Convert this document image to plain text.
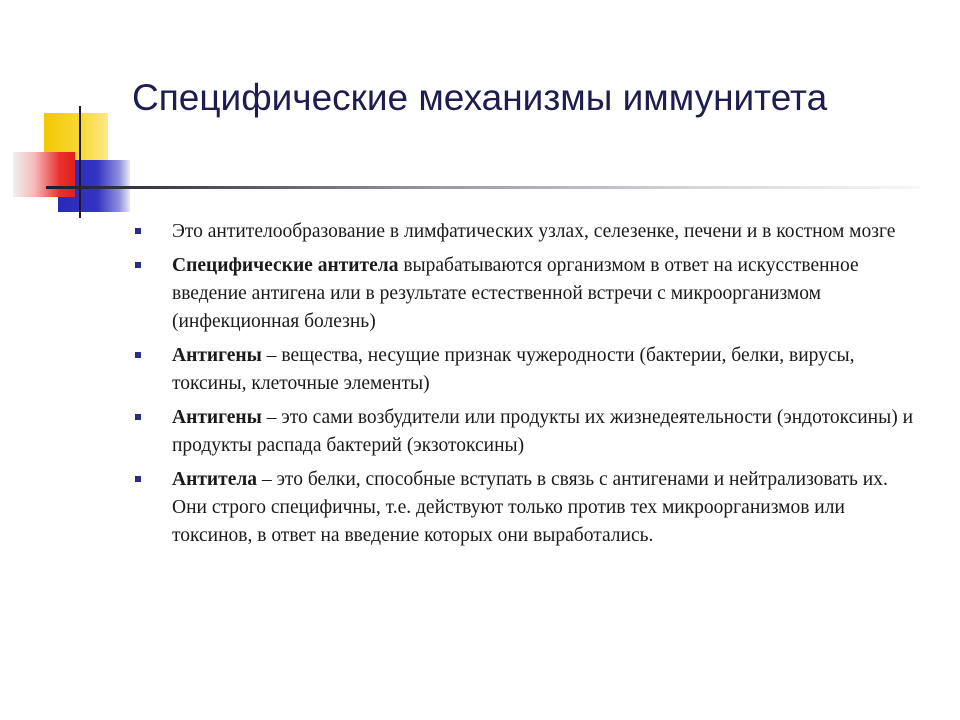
Специфические механизмы иммунитета
Это антителообразование в лимфатических узлах, селезенке, печени и в костном мозге
Специфические антитела вырабатываются организмом в ответ на искусственное введение антигена или в результате естественной встречи с микроорганизмом (инфекционная болезнь)
Антигены – вещества, несущие признак чужеродности (бактерии, белки, вирусы, токсины, клеточные элементы)
Антигены – это сами возбудители или продукты их жизнедеятельности (эндотоксины) и продукты распада бактерий (экзотоксины)
Антитела – это белки, способные вступать в связь с антигенами и нейтрализовать их. Они строго специфичны, т.е. действуют только против тех микроорганизмов или токсинов, в ответ на введение которых они выработались.
